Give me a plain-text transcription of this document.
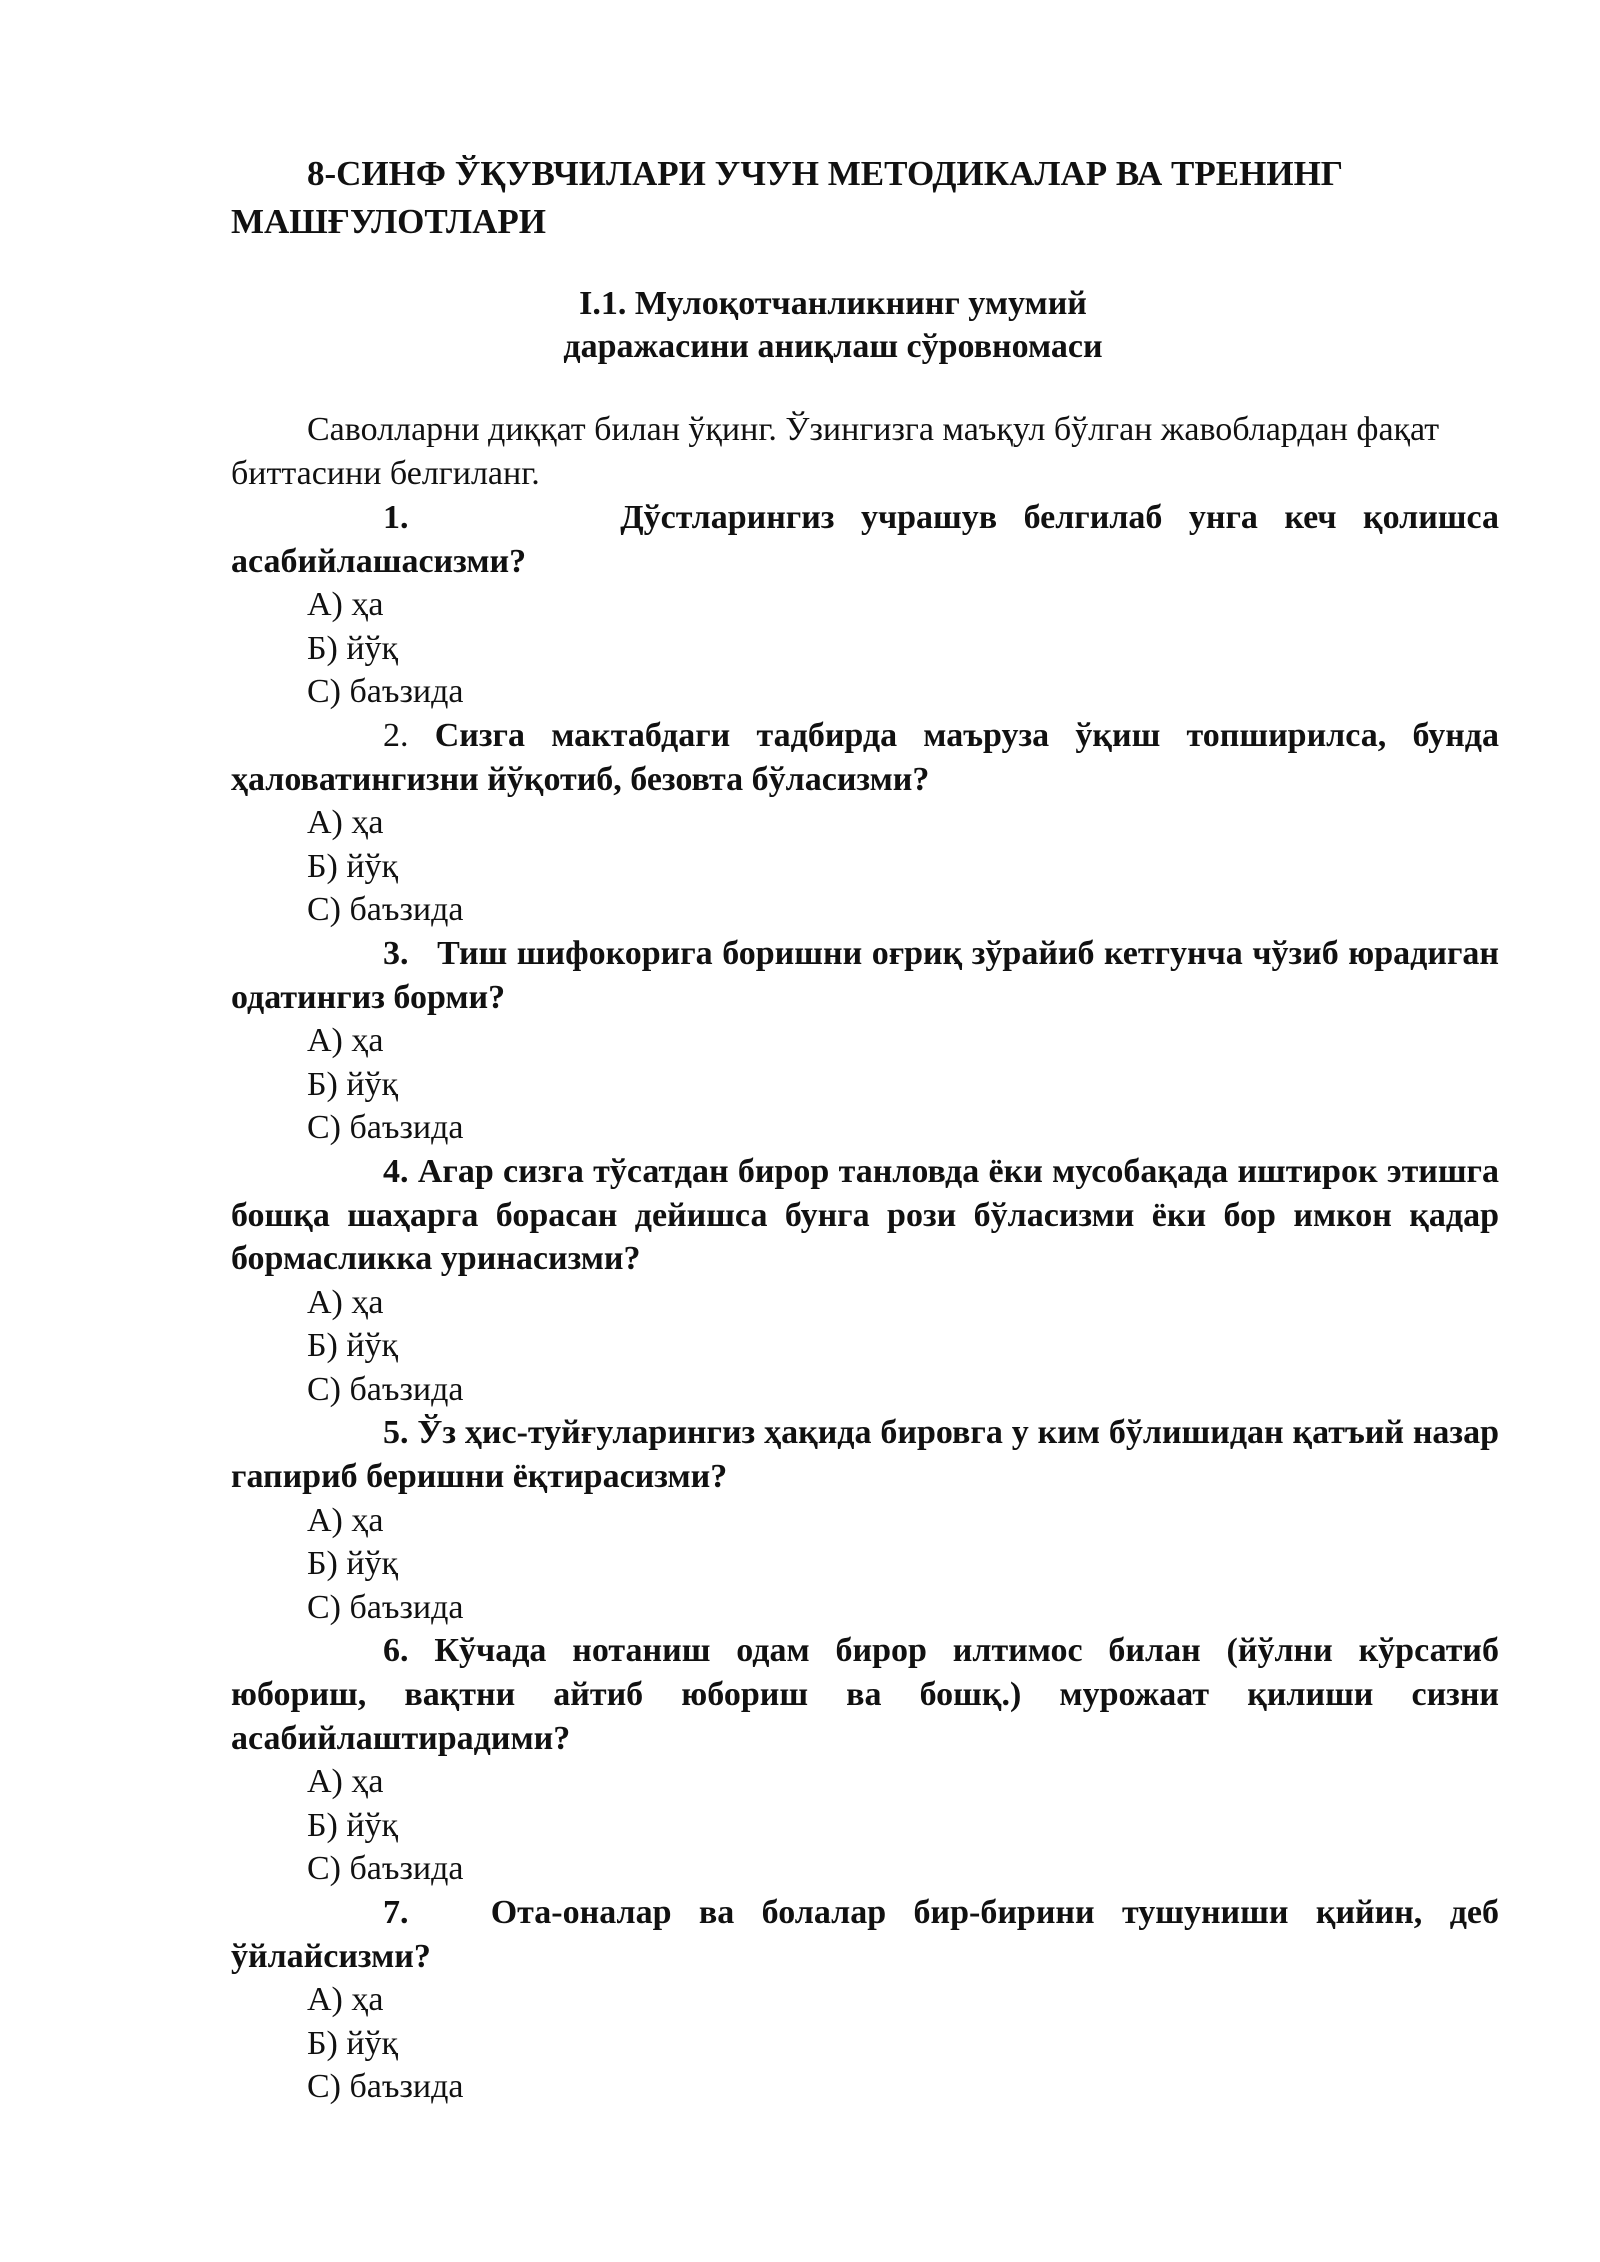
8-СИНФ ЎҚУВЧИЛАРИ УЧУН МЕТОДИКАЛАР ВА ТРЕНИНГ МАШҒУЛОТЛАРИ
I.1. Мулоқотчанликнинг умумий даражасини аниқлаш сўровномаси
Саволларни диққат билан ўқинг. Ўзингизга маъқул бўлган жавоблардан фақат биттасини белгиланг.

1.	Дўстларингиз учрашув белгилаб унга кеч қолишса асабийлашасизми?

А) ҳа
Б) йўқ
С) баъзида

2. Сизга мактабдаги тадбирда маъруза ўқиш топширилса, бунда ҳаловатингизни йўқотиб, безовта бўласизми?

А) ҳа
Б) йўқ
С) баъзида

3. Тиш шифокорига боришни оғриқ зўрайиб кетгунча чўзиб юрадиган одатингиз борми?

А) ҳа
Б) йўқ
С) баъзида

4. Агар сизга тўсатдан бирор танловда ёки мусобақада иштирок этишга бошқа шаҳарга борасан дейишса бунга рози бўласизми ёки бор имкон қадар бормасликка уринасизми?

А) ҳа
Б) йўқ
С) баъзида

5. Ўз ҳис-туйғуларингиз ҳақида бировга у ким бўлишидан қатъий назар гапириб беришни ёқтирасизми?

А) ҳа
Б) йўқ
С) баъзида

6. Кўчада нотаниш одам бирор илтимос билан (йўлни кўрсатиб юбориш, вақтни айтиб юбориш ва бошқ.) мурожаат қилиши сизни асабийлаштирадими?

А) ҳа
Б) йўқ
С) баъзида

7. Ота-оналар ва болалар бир-бирини тушуниши қийин, деб ўйлайсизми?

А) ҳа
Б) йўқ
С) баъзида
